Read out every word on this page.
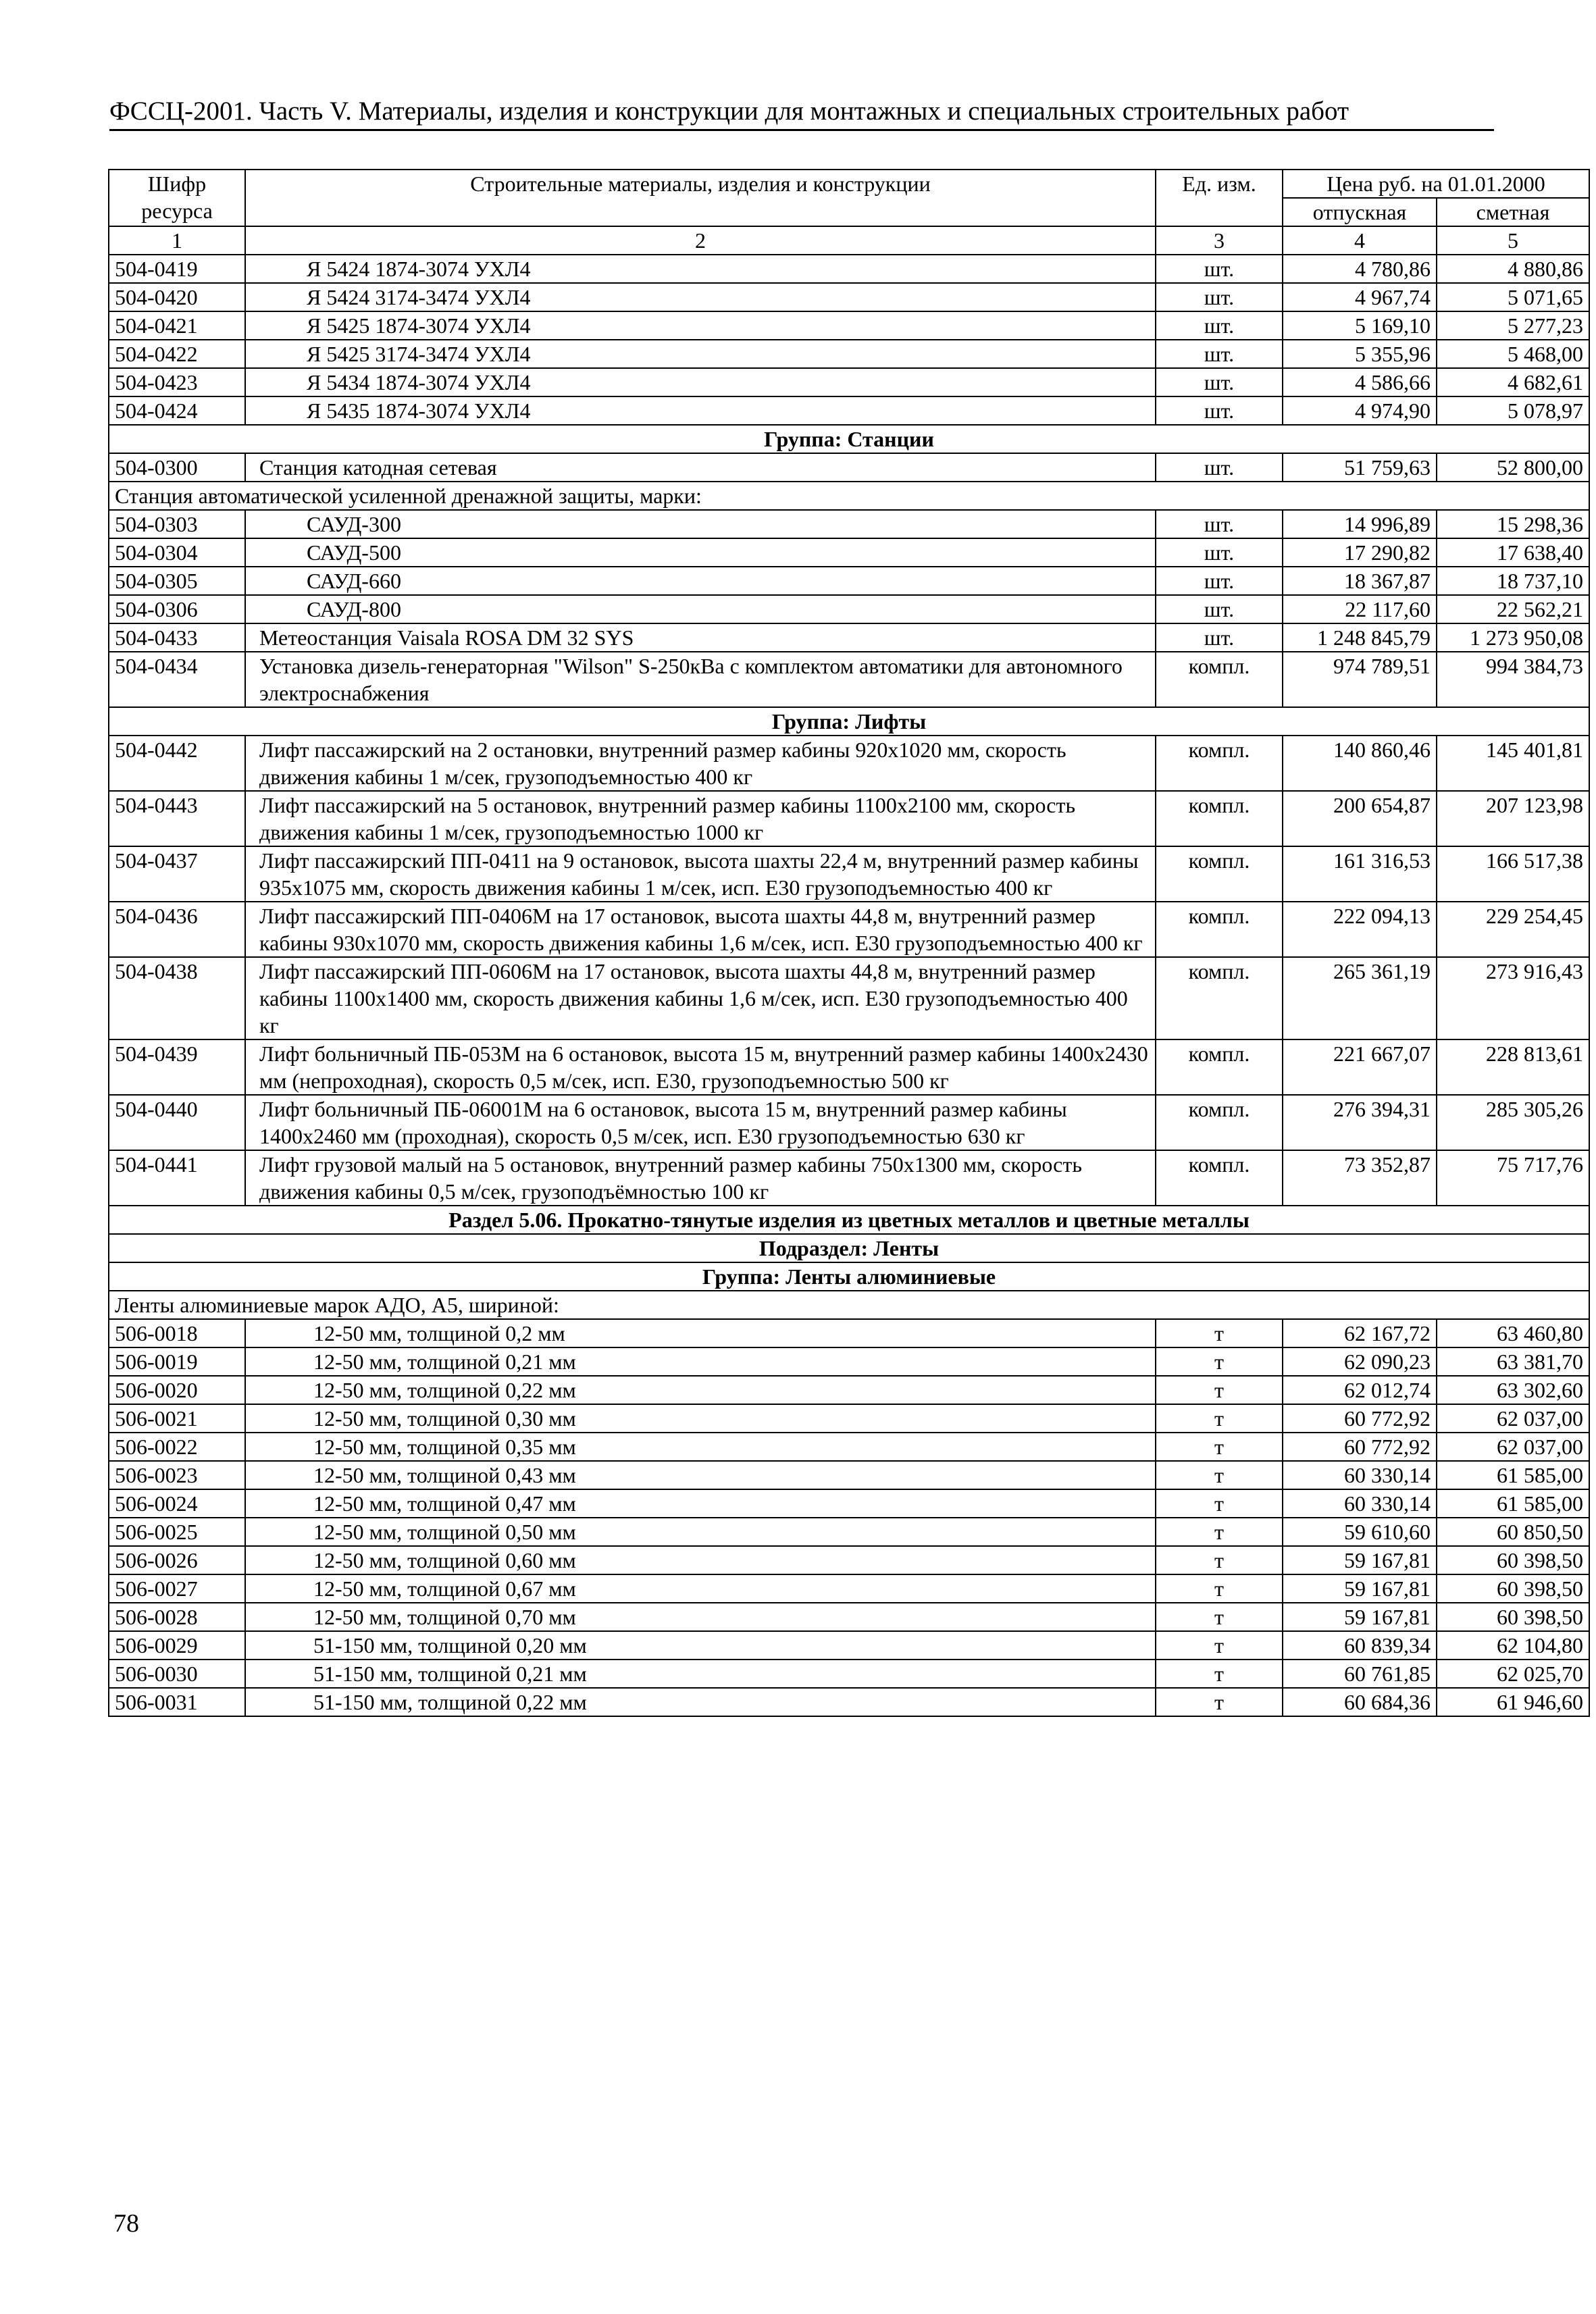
ФССЦ-2001. Часть V. Материалы, изделия и конструкции для монтажных и специальных строительных работ
Шифр ресурса	Строительные материалы, изделия и конструкции	Ед. изм.	Цена руб. на 01.01.2000	
			отпускная	сметная
1	2	3	4	5
504-0419	Я 5424 1874-3074 УХЛ4	шт.	4 780,86	4 880,86
504-0420	Я 5424 3174-3474 УХЛ4	шт.	4 967,74	5 071,65
504-0421	Я 5425 1874-3074 УХЛ4	шт.	5 169,10	5 277,23
504-0422	Я 5425 3174-3474 УХЛ4	шт.	5 355,96	5 468,00
504-0423	Я 5434 1874-3074 УХЛ4	шт.	4 586,66	4 682,61
504-0424	Я 5435 1874-3074 УХЛ4	шт.	4 974,90	5 078,97
Группа: Станции				
504-0300	Станция катодная сетевая	шт.	51 759,63	52 800,00
Станция автоматической усиленной дренажной защиты, марки:				
504-0303	САУД-300	шт.	14 996,89	15 298,36
504-0304	САУД-500	шт.	17 290,82	17 638,40
504-0305	САУД-660	шт.	18 367,87	18 737,10
504-0306	САУД-800	шт.	22 117,60	22 562,21
504-0433	Метеостанция Vaisala ROSA DM 32 SYS	шт.	1 248 845,79	1 273 950,08
504-0434	Установка дизель-генераторная "Wilson" S-250кВа с комплектом автоматики для автономного электроснабжения	компл.	974 789,51	994 384,73
Группа: Лифты				
504-0442	Лифт пассажирский на 2 остановки, внутренний размер кабины 920х1020 мм, скорость движения кабины 1 м/сек, грузоподъемностью 400 кг	компл.	140 860,46	145 401,81
504-0443	Лифт пассажирский на 5 остановок, внутренний размер кабины 1100х2100 мм, скорость движения кабины 1 м/сек, грузоподъемностью 1000 кг	компл.	200 654,87	207 123,98
504-0437	Лифт пассажирский ПП-0411 на 9 остановок, высота шахты 22,4 м, внутренний размер кабины 935х1075 мм, скорость движения кабины 1 м/сек, исп. Е30 грузоподъемностью 400 кг	компл.	161 316,53	166 517,38
504-0436	Лифт пассажирский ПП-0406М на 17 остановок, высота шахты 44,8 м, внутренний размер кабины 930х1070 мм, скорость движения кабины 1,6 м/сек, исп. Е30 грузоподъемностью 400 кг	компл.	222 094,13	229 254,45
504-0438	Лифт пассажирский ПП-0606М на 17 остановок, высота шахты 44,8 м, внутренний размер кабины 1100х1400 мм, скорость движения кабины 1,6 м/сек, исп. Е30 грузоподъемностью 400 кг	компл.	265 361,19	273 916,43
504-0439	Лифт больничный ПБ-053М на 6 остановок, высота 15 м, внутренний размер кабины 1400х2430 мм (непроходная), скорость 0,5 м/сек, исп. Е30, грузоподъемностью 500 кг	компл.	221 667,07	228 813,61
504-0440	Лифт больничный ПБ-06001М на 6 остановок, высота 15 м, внутренний размер кабины 1400х2460 мм (проходная), скорость 0,5 м/сек, исп. Е30 грузоподъемностью 630 кг	компл.	276 394,31	285 305,26
504-0441	Лифт грузовой малый на 5 остановок, внутренний размер кабины 750х1300 мм, скорость движения кабины 0,5 м/сек, грузоподъёмностью 100 кг	компл.	73 352,87	75 717,76
Раздел 5.06. Прокатно-тянутые изделия из цветных металлов и цветные металлы				
Подраздел: Ленты				
Группа: Ленты алюминиевые				
Ленты алюминиевые марок АДО, А5, шириной:				
506-0018	12-50 мм, толщиной 0,2 мм	т	62 167,72	63 460,80
506-0019	12-50 мм, толщиной 0,21 мм	т	62 090,23	63 381,70
506-0020	12-50 мм, толщиной 0,22 мм	т	62 012,74	63 302,60
506-0021	12-50 мм, толщиной 0,30 мм	т	60 772,92	62 037,00
506-0022	12-50 мм, толщиной 0,35 мм	т	60 772,92	62 037,00
506-0023	12-50 мм, толщиной 0,43 мм	т	60 330,14	61 585,00
506-0024	12-50 мм, толщиной 0,47 мм	т	60 330,14	61 585,00
506-0025	12-50 мм, толщиной 0,50 мм	т	59 610,60	60 850,50
506-0026	12-50 мм, толщиной 0,60 мм	т	59 167,81	60 398,50
506-0027	12-50 мм, толщиной 0,67 мм	т	59 167,81	60 398,50
506-0028	12-50 мм, толщиной 0,70 мм	т	59 167,81	60 398,50
506-0029	51-150 мм, толщиной 0,20 мм	т	60 839,34	62 104,80
506-0030	51-150 мм, толщиной 0,21 мм	т	60 761,85	62 025,70
506-0031	51-150 мм, толщиной 0,22 мм	т	60 684,36	61 946,60
78
